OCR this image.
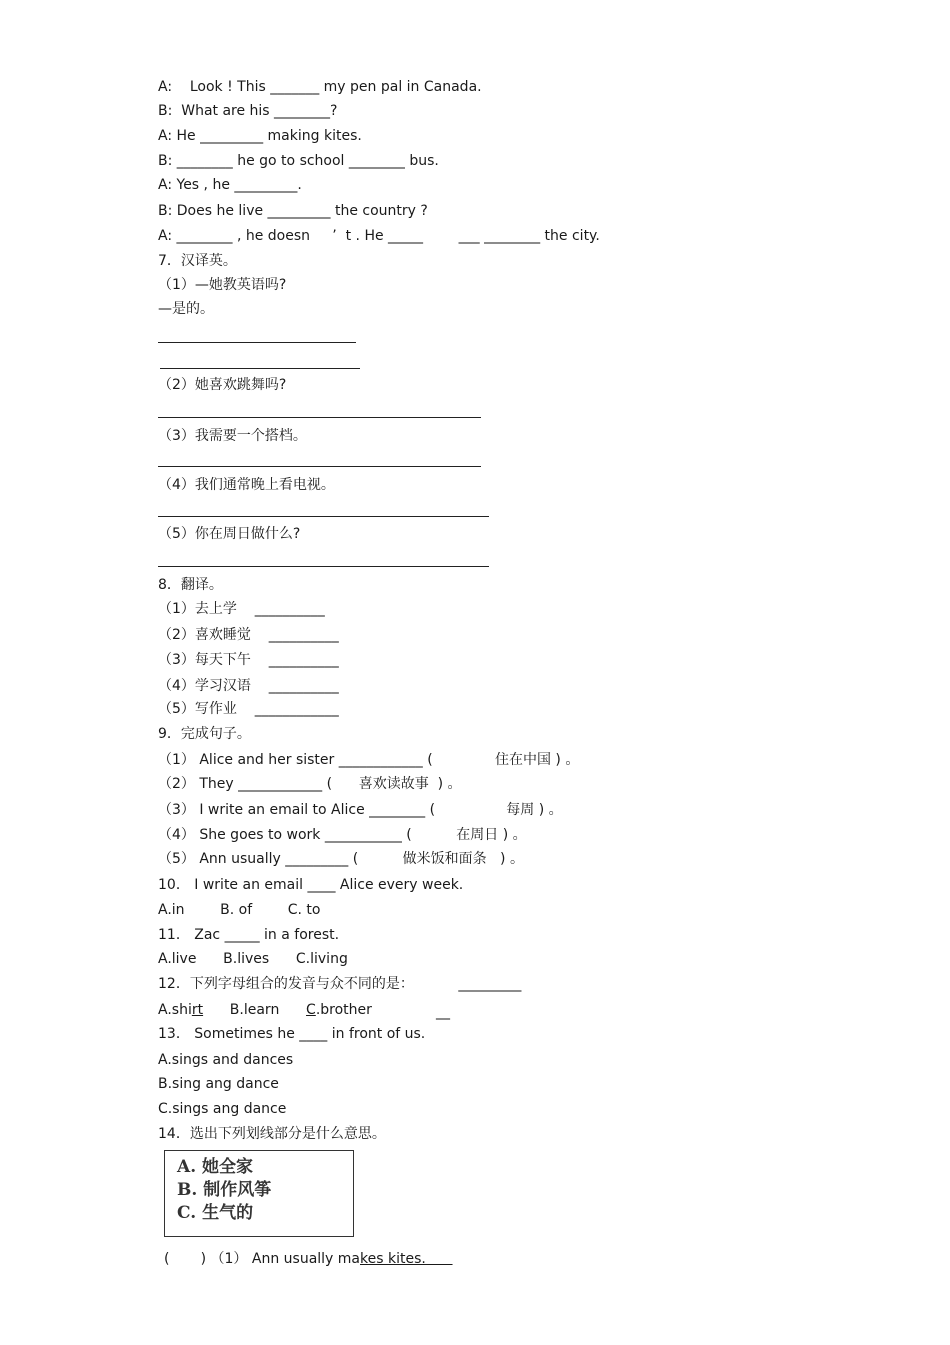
A:    Look ! This _______ my pen pal in Canada.
B:  What are his ________?
A: He _________ making kites.
B: ________ he go to school ________ bus.
A: Yes , he _________.
B: Does he live _________ the country ?
A: ________ , he doesn     ’  t . He _____        ___ ________ the city.
7．汉译英。
（1）—她教英语吗?
—是的。
（2）她喜欢跳舞吗?
（3）我需要一个搭档。
（4）我们通常晚上看电视。
（5）你在周日做什么?
8．翻译。
（1）去上学    __________
（2）喜欢睡觉    __________
（3）每天下午    __________
（4）学习汉语    __________
（5）写作业    ____________
9．完成句子。
（1） Alice and her sister ____________ (              住在中国 ) 。
（2） They ____________ (      喜欢读故事  ) 。
（3） I write an email to Alice ________ (                每周 ) 。
（4） She goes to work ___________ (          在周日 ) 。
（5） Ann usually _________ (          做米饭和面条   ) 。
10． I write an email ____ Alice every week.
A.in        B. of        C. to
11． Zac _____ in a forest.
A.live      B.lives      C.living
12．下列字母组合的发音与众不同的是：          _________
A.shirt B.learn C.brother	__
13． Sometimes he ____ in front of us.
A.sings and dances
B.sing ang dance
C.sings ang dance
14．选出下列划线部分是什么意思。
A. 她全家
B. 制作风筝
C. 生气的
(       ) （1） Ann usually makes kites.
